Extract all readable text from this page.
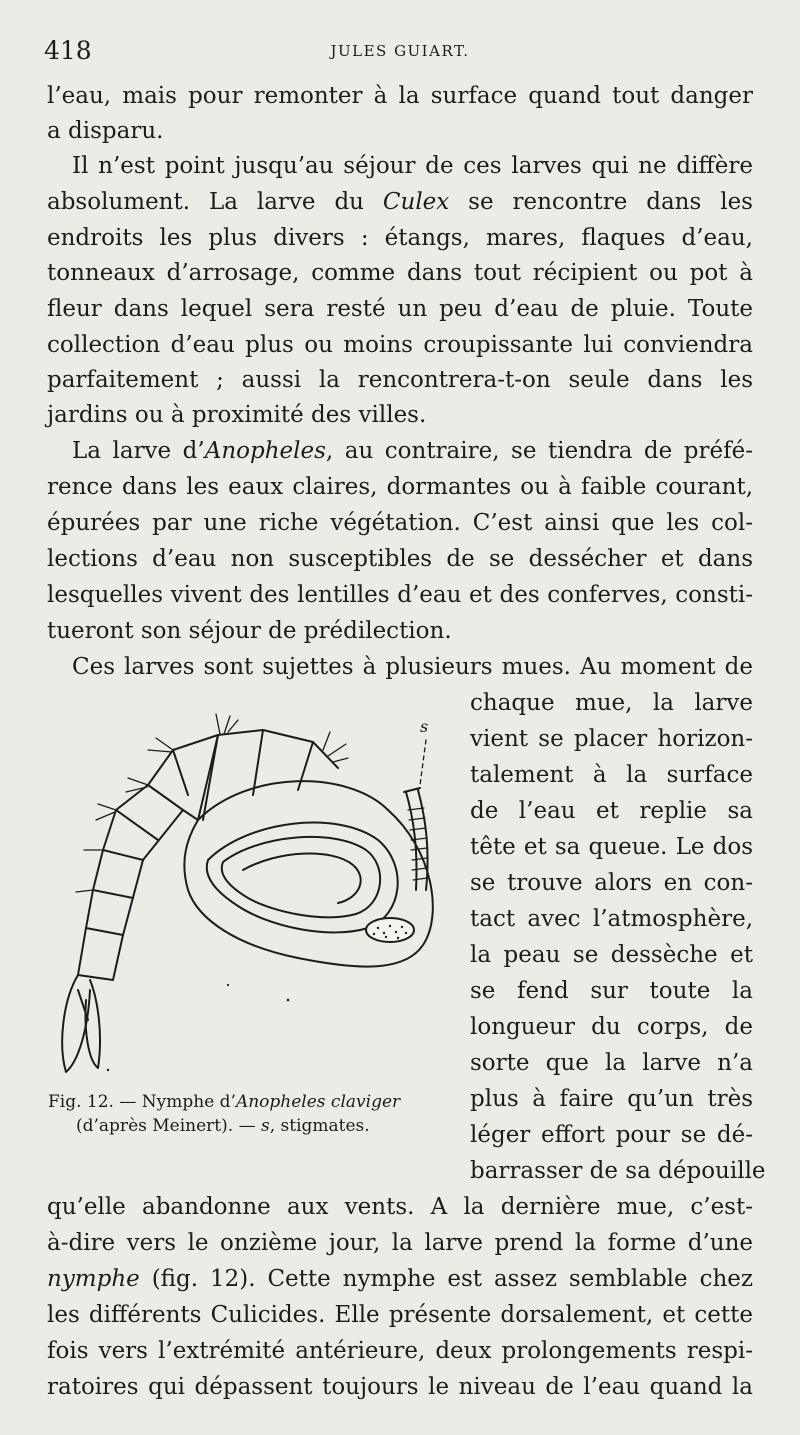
418	JULES GUIART.
l’eau, mais pour remonter à la surface quand tout danger
a disparu.
Il n’est point jusqu’au séjour de ces larves qui ne diffère
absolument. La larve du Culex se rencontre dans les
endroits les plus divers : étangs, mares, flaques d’eau,
tonneaux d’arrosage, comme dans tout récipient ou pot à
fleur dans lequel sera resté un peu d’eau de pluie. Toute
collection d’eau plus ou moins croupissante lui conviendra
parfaitement ; aussi la rencontrera-t-on seule dans les
jardins ou à proximité des villes.
La larve d’Anopheles, au contraire, se tiendra de préfé-
rence dans les eaux claires, dormantes ou à faible courant,
épurées par une riche végétation. C’est ainsi que les col-
lections d’eau non susceptibles de se dessécher et dans
lesquelles vivent des lentilles d’eau et des conferves, consti-
tueront son séjour de prédilection.
Ces larves sont sujettes à plusieurs mues. Au moment de
chaque mue, la larve
vient se placer horizon-
talement à la surface
de l’eau et replie sa
tête et sa queue. Le dos
se trouve alors en con-
tact avec l’atmosphère,
la peau se dessèche et
se fend sur toute la
longueur du corps, de
sorte que la larve n’a
plus à faire qu’un très
léger effort pour se dé-
barrasser de sa dépouille
s
Fig. 12. — Nymphe d’Anopheles claviger
(d’après Meinert). — s, stigmates.
qu’elle abandonne aux vents. A la dernière mue, c’est-
à-dire vers le onzième jour, la larve prend la forme d’une
nymphe (fig. 12). Cette nymphe est assez semblable chez
les différents Culicides. Elle présente dorsalement, et cette
fois vers l’extrémité antérieure, deux prolongements respi-
ratoires qui dépassent toujours le niveau de l’eau quand la
